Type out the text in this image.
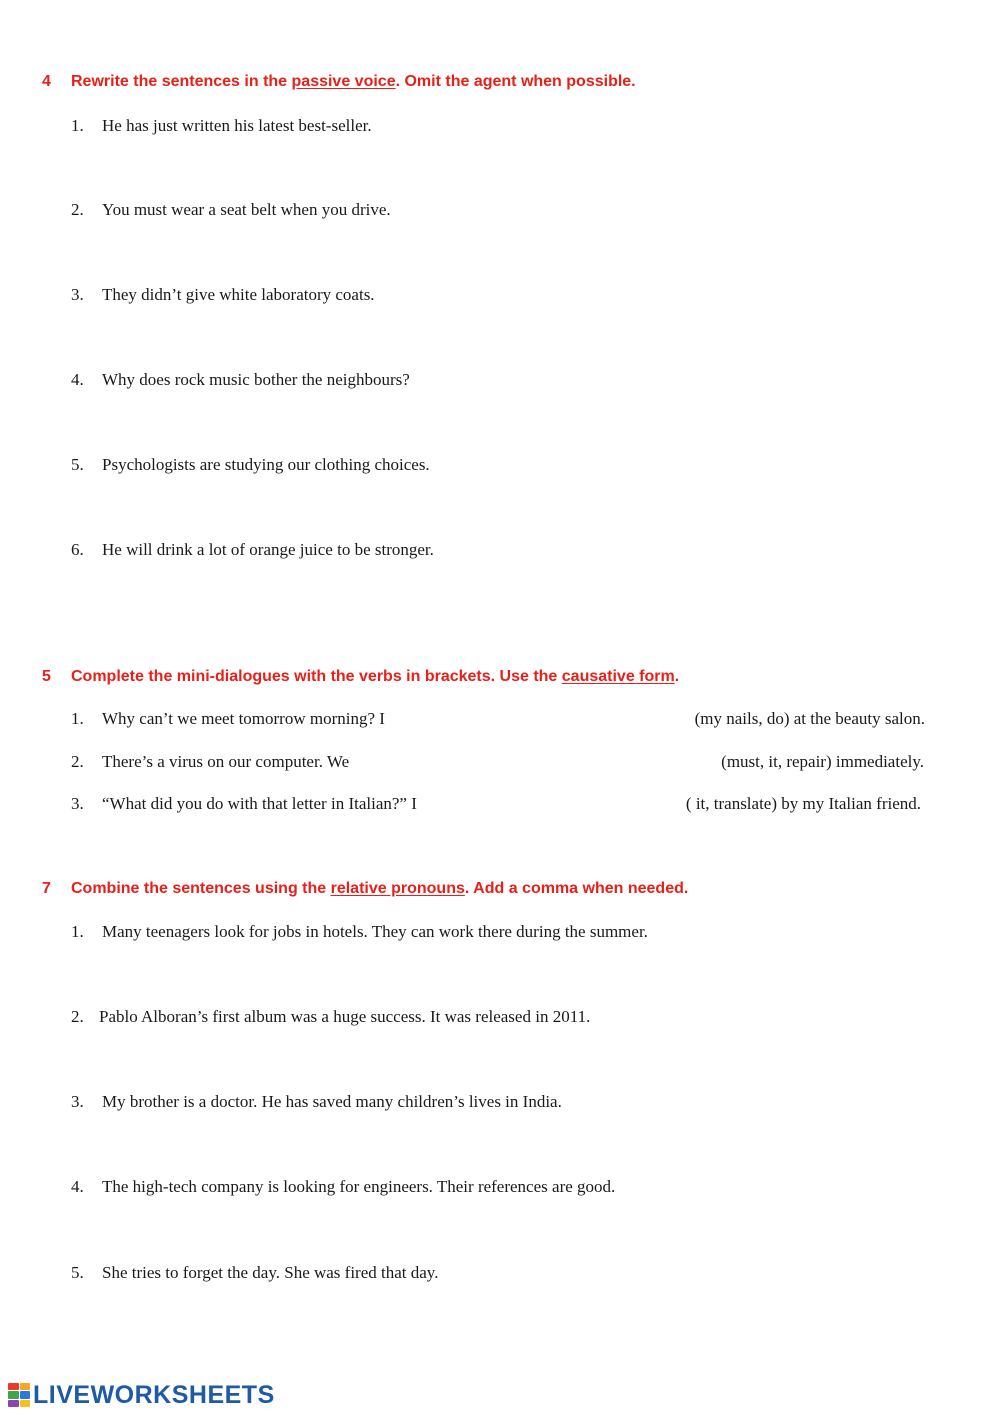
4 Rewrite the sentences in the passive voice. Omit the agent when possible.
1. He has just written his latest best-seller.
2. You must wear a seat belt when you drive.
3. They didn’t give white laboratory coats.
4. Why does rock music bother the neighbours?
5. Psychologists are studying our clothing choices.
6. He will drink a lot of orange juice to be stronger.
5 Complete the mini-dialogues with the verbs in brackets. Use the causative form.
1. Why can’t we meet tomorrow morning? I	(my nails, do) at the beauty salon.
2. There’s a virus on our computer. We	(must, it, repair) immediately.
3. “What did you do with that letter in Italian?” I	( it, translate) by my Italian friend.
7 Combine the sentences using the relative pronouns. Add a comma when needed.
1. Many teenagers look for jobs in hotels. They can work there during the summer.
2. Pablo Alboran’s first album was a huge success. It was released in 2011.
3. My brother is a doctor. He has saved many children’s lives in India.
4. The high-tech company is looking for engineers. Their references are good.
5. She tries to forget the day. She was fired that day.
LIVEWORKSHEETS
